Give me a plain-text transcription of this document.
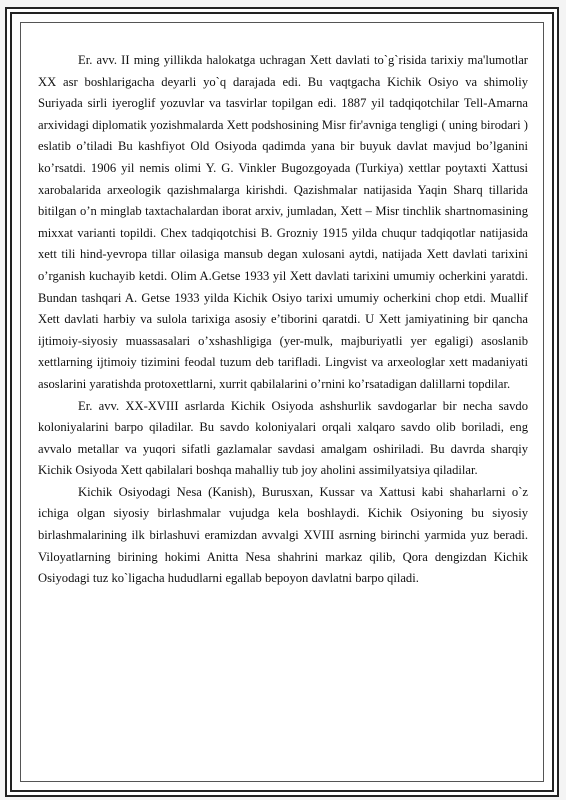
Er. avv. II ming yillikda halokatga uchragan Xett davlati to`g`risida tarixiy ma'lumotlar XX asr boshlarigacha deyarli yo`q darajada edi. Bu vaqtgacha Kichik Osiyo va shimoliy Suriyada sirli iyeroglif yozuvlar va tasvirlar topilgan edi. 1887 yil tadqiqotchilar Tell-Amarna arxividagi diplomatik yozishmalarda Xett podshosining Misr fir'avniga tengligi ( uning birodari ) eslatib o’tiladi Bu kashfiyot Old Osiyoda qadimda yana bir buyuk davlat mavjud bo’lganini ko’rsatdi. 1906 yil nemis olimi Y. G. Vinkler Bugozgoyada (Turkiya) xettlar poytaxti Xattusi xarobalarida arxeologik qazishmalarga kirishdi. Qazishmalar natijasida Yaqin Sharq tillarida bitilgan o’n minglab taxtachalardan iborat arxiv, jumladan, Xett – Misr tinchlik shartnomasining mixxat varianti topildi. Chex tadqiqotchisi B. Grozniy 1915 yilda chuqur tadqiqotlar natijasida xett tili hind-yevropa tillar oilasiga mansub degan xulosani aytdi, natijada Xett davlati tarixini o’rganish kuchayib ketdi. Olim A.Getse 1933 yil Xett davlati tarixini umumiy ocherkini yaratdi. Bundan tashqari A. Getse 1933 yilda Kichik Osiyo tarixi umumiy ocherkini chop etdi. Muallif Xett davlati harbiy va sulola tarixiga asosiy e’tiborini qaratdi. U Xett jamiyatining bir qancha ijtimoiy-siyosiy muassasalari o’xshashligiga (yer-mulk, majburiyatli yer egaligi) asoslanib xettlarning ijtimoiy tizimini feodal tuzum deb tarifladi. Lingvist va arxeologlar xett madaniyati asoslarini yaratishda protoxettlarni, xurrit qabilalarini o’rnini ko’rsatadigan dalillarni topdilar.

Er. avv. XX-XVIII asrlarda Kichik Osiyoda ashshurlik savdogarlar bir necha savdo koloniyalarini barpo qiladilar. Bu savdo koloniyalari orqali xalqaro savdo olib boriladi, eng avvalo metallar va yuqori sifatli gazlamalar savdasi amalgam oshiriladi. Bu davrda sharqiy Kichik Osiyoda Xett qabilalari boshqa mahalliy tub joy aholini assimilyatsiya qiladilar.

Kichik Osiyodagi Nesa (Kanish), Burusxan, Kussar va Xattusi kabi shaharlarni o`z ichiga olgan siyosiy birlashmalar vujudga kela boshlaydi. Kichik Osiyoning bu siyosiy birlashmalarining ilk birlashuvi eramizdan avvalgi XVIII asrning birinchi yarmida yuz beradi. Viloyatlarning birining hokimi Anitta Nesa shahrini markaz qilib, Qora dengizdan Kichik Osiyodagi tuz ko`ligacha hududlarni egallab bepoyon davlatni barpo qiladi.
